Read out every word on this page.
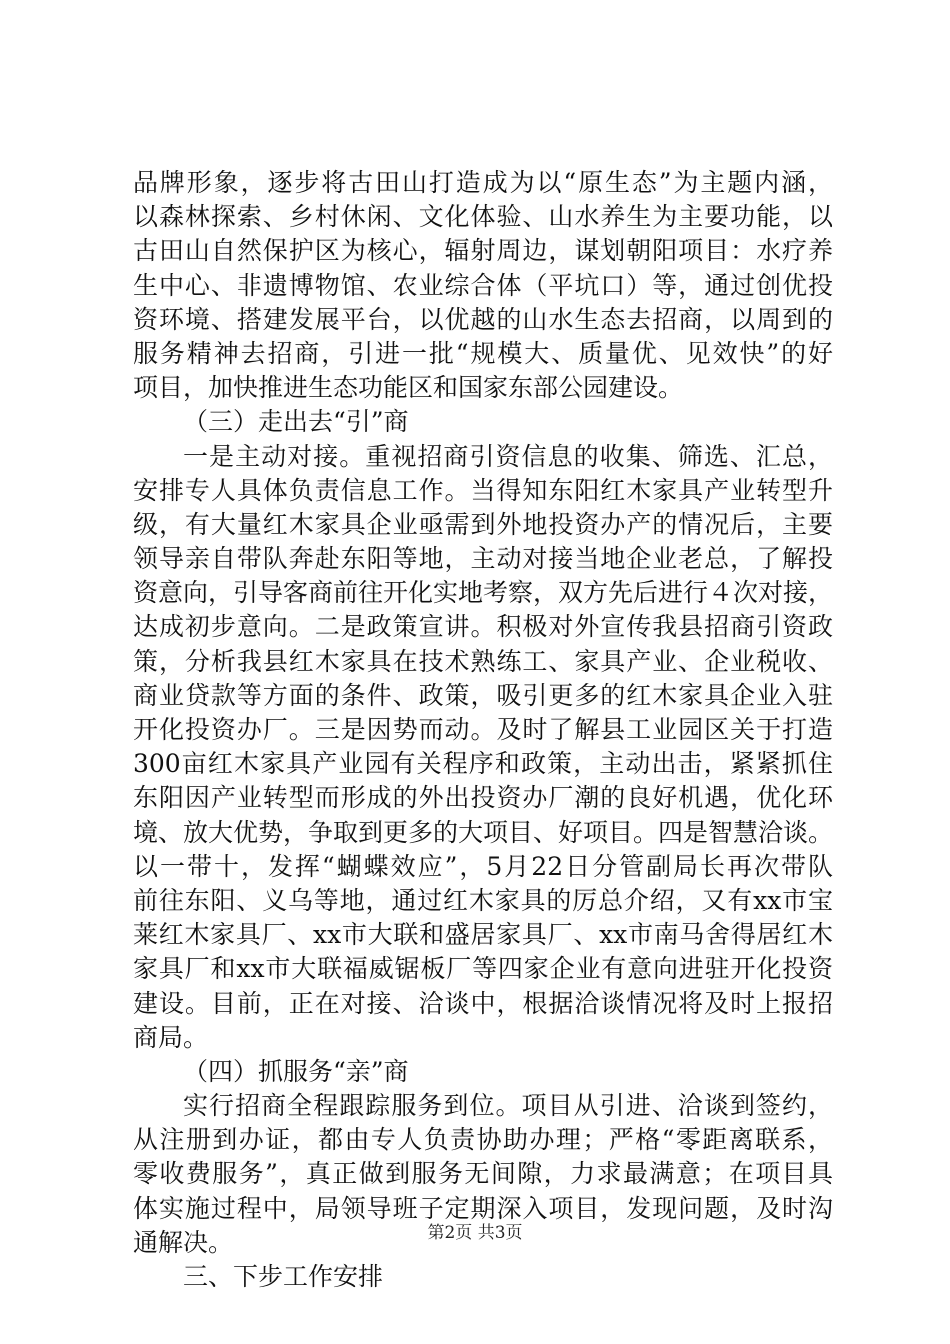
品牌形象，逐步将古田山打造成为以“原生态”为主题内涵，
以森林探索、乡村休闲、文化体验、山水养生为主要功能，以
古田山自然保护区为核心，辐射周边，谋划朝阳项目：水疗养
生中心、非遗博物馆、农业综合体（平坑口）等，通过创优投
资环境、搭建发展平台，以优越的山水生态去招商，以周到的
服务精神去招商，引进一批“规模大、质量优、见效快”的好
项目，加快推进生态功能区和国家东部公园建设。
（三）走出去“引”商
一是主动对接。重视招商引资信息的收集、筛选、汇总，
安排专人具体负责信息工作。当得知东阳红木家具产业转型升
级，有大量红木家具企业亟需到外地投资办产的情况后，主要
领导亲自带队奔赴东阳等地，主动对接当地企业老总，了解投
资意向，引导客商前往开化实地考察，双方先后进行４次对接，
达成初步意向。二是政策宣讲。积极对外宣传我县招商引资政
策，分析我县红木家具在技术熟练工、家具产业、企业税收、
商业贷款等方面的条件、政策，吸引更多的红木家具企业入驻
开化投资办厂。三是因势而动。及时了解县工业园区关于打造
300亩红木家具产业园有关程序和政策，主动出击，紧紧抓住
东阳因产业转型而形成的外出投资办厂潮的良好机遇，优化环
境、放大优势，争取到更多的大项目、好项目。四是智慧洽谈。
以一带十，发挥“蝴蝶效应”，5月22日分管副局长再次带队
前往东阳、义乌等地，通过红木家具的厉总介绍，又有xx市宝
莱红木家具厂、xx市大联和盛居家具厂、xx市南马舍得居红木
家具厂和xx市大联福威锯板厂等四家企业有意向进驻开化投资
建设。目前，正在对接、洽谈中，根据洽谈情况将及时上报招
商局。
（四）抓服务“亲”商
实行招商全程跟踪服务到位。项目从引进、洽谈到签约，
从注册到办证，都由专人负责协助办理；严格“零距离联系，
零收费服务”，真正做到服务无间隙，力求最满意；在项目具
体实施过程中，局领导班子定期深入项目，发现问题，及时沟
通解决。
三、下步工作安排
第2页 共3页
